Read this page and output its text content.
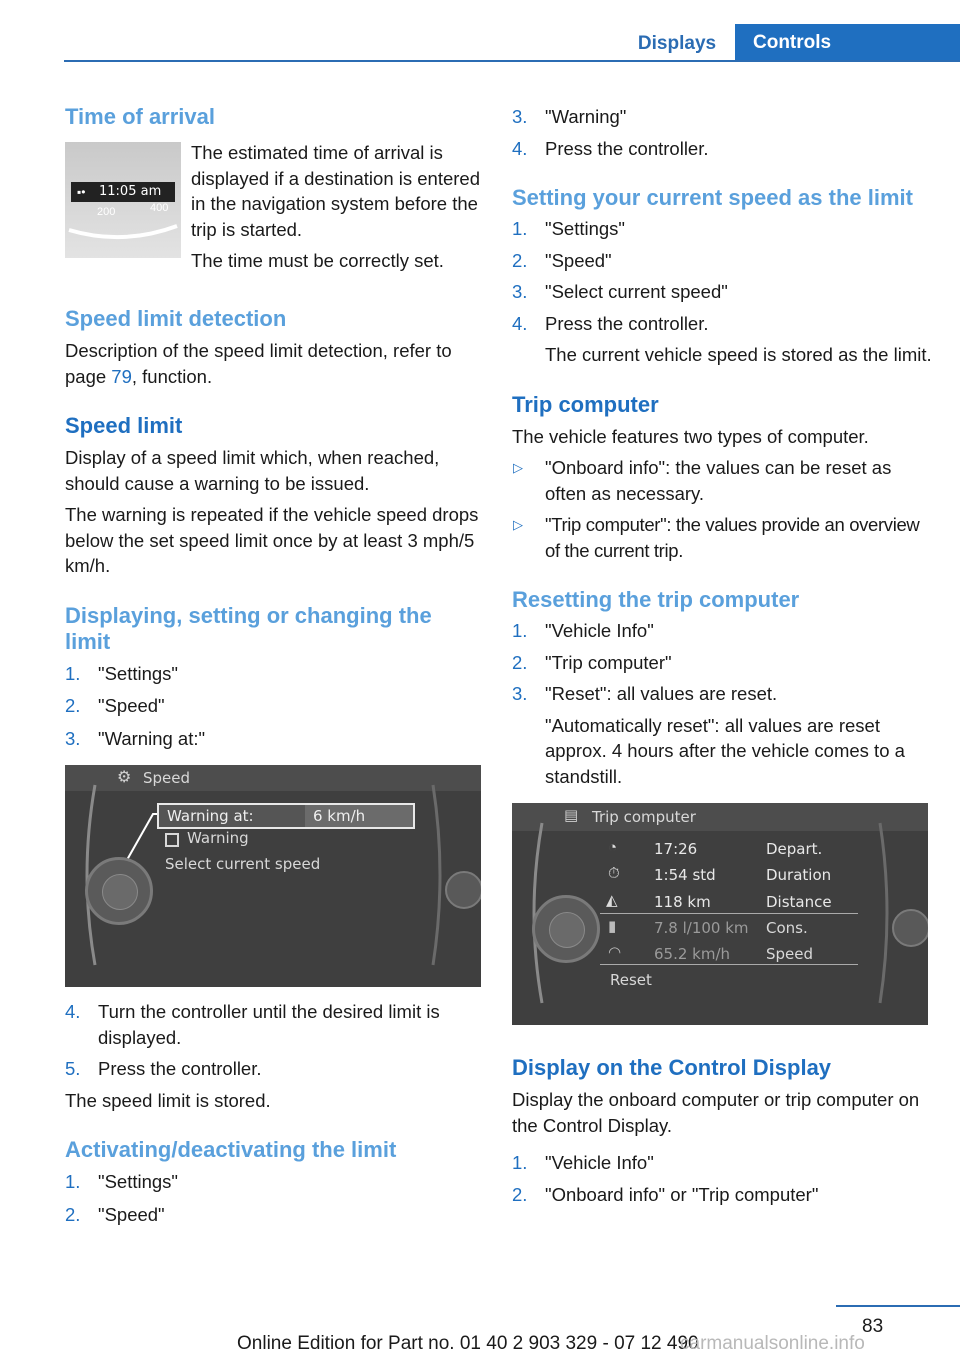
Displays	Controls
Time of arrival
▪• 11:05 am
200	400

The estimated time of arrival is displayed if a destination is entered in the navigation system before the trip is started.

The time must be correctly set.

Speed limit detection

Description of the speed limit detection, refer to page 79, function.

Speed limit

Display of a speed limit which, when reached, should cause a warning to be issued.

The warning is repeated if the vehicle speed drops below the set speed limit once by at least 3 mph/5 km/h.

Displaying, setting or changing the limit
1. "Settings"
2. "Speed"
3. "Warning at:"
⚙ Speed
Warning at:	6 km/h
Warning
Select current speed
4. Turn the controller until the desired limit is displayed.
5. Press the controller.

The speed limit is stored.

Activating/deactivating the limit
1. "Settings"
2. "Speed"
3. "Warning"
4. Press the controller.
Setting your current speed as the limit
1. "Settings"
2. "Speed"
3. "Select current speed"
4. Press the controller.

The current vehicle speed is stored as the limit.

Trip computer

The vehicle features two types of computer.

▷ "Onboard info": the values can be reset as often as necessary.
▷ "Trip computer": the values provide an overview of the current trip.
Resetting the trip computer
1. "Vehicle Info"
2. "Trip computer"
3. "Reset": all values are reset.

"Automatically reset": all values are reset approx. 4 hours after the vehicle comes to a standstill.

▤ Trip computer
◔ 17:26	Depart.
⏱ 1:54 std	Duration
◭ 118 km	Distance
▮	7.8 l/100 km Cons.
◠ 65.2 km/h Speed
Reset
Display on the Control Display

Display the onboard computer or trip computer on the Control Display.

1. "Vehicle Info"
2. "Onboard info" or "Trip computer"
83
Online Edition for Part no. 01 40 2 903 329 - 07 12 490
carmanualsonline.info
